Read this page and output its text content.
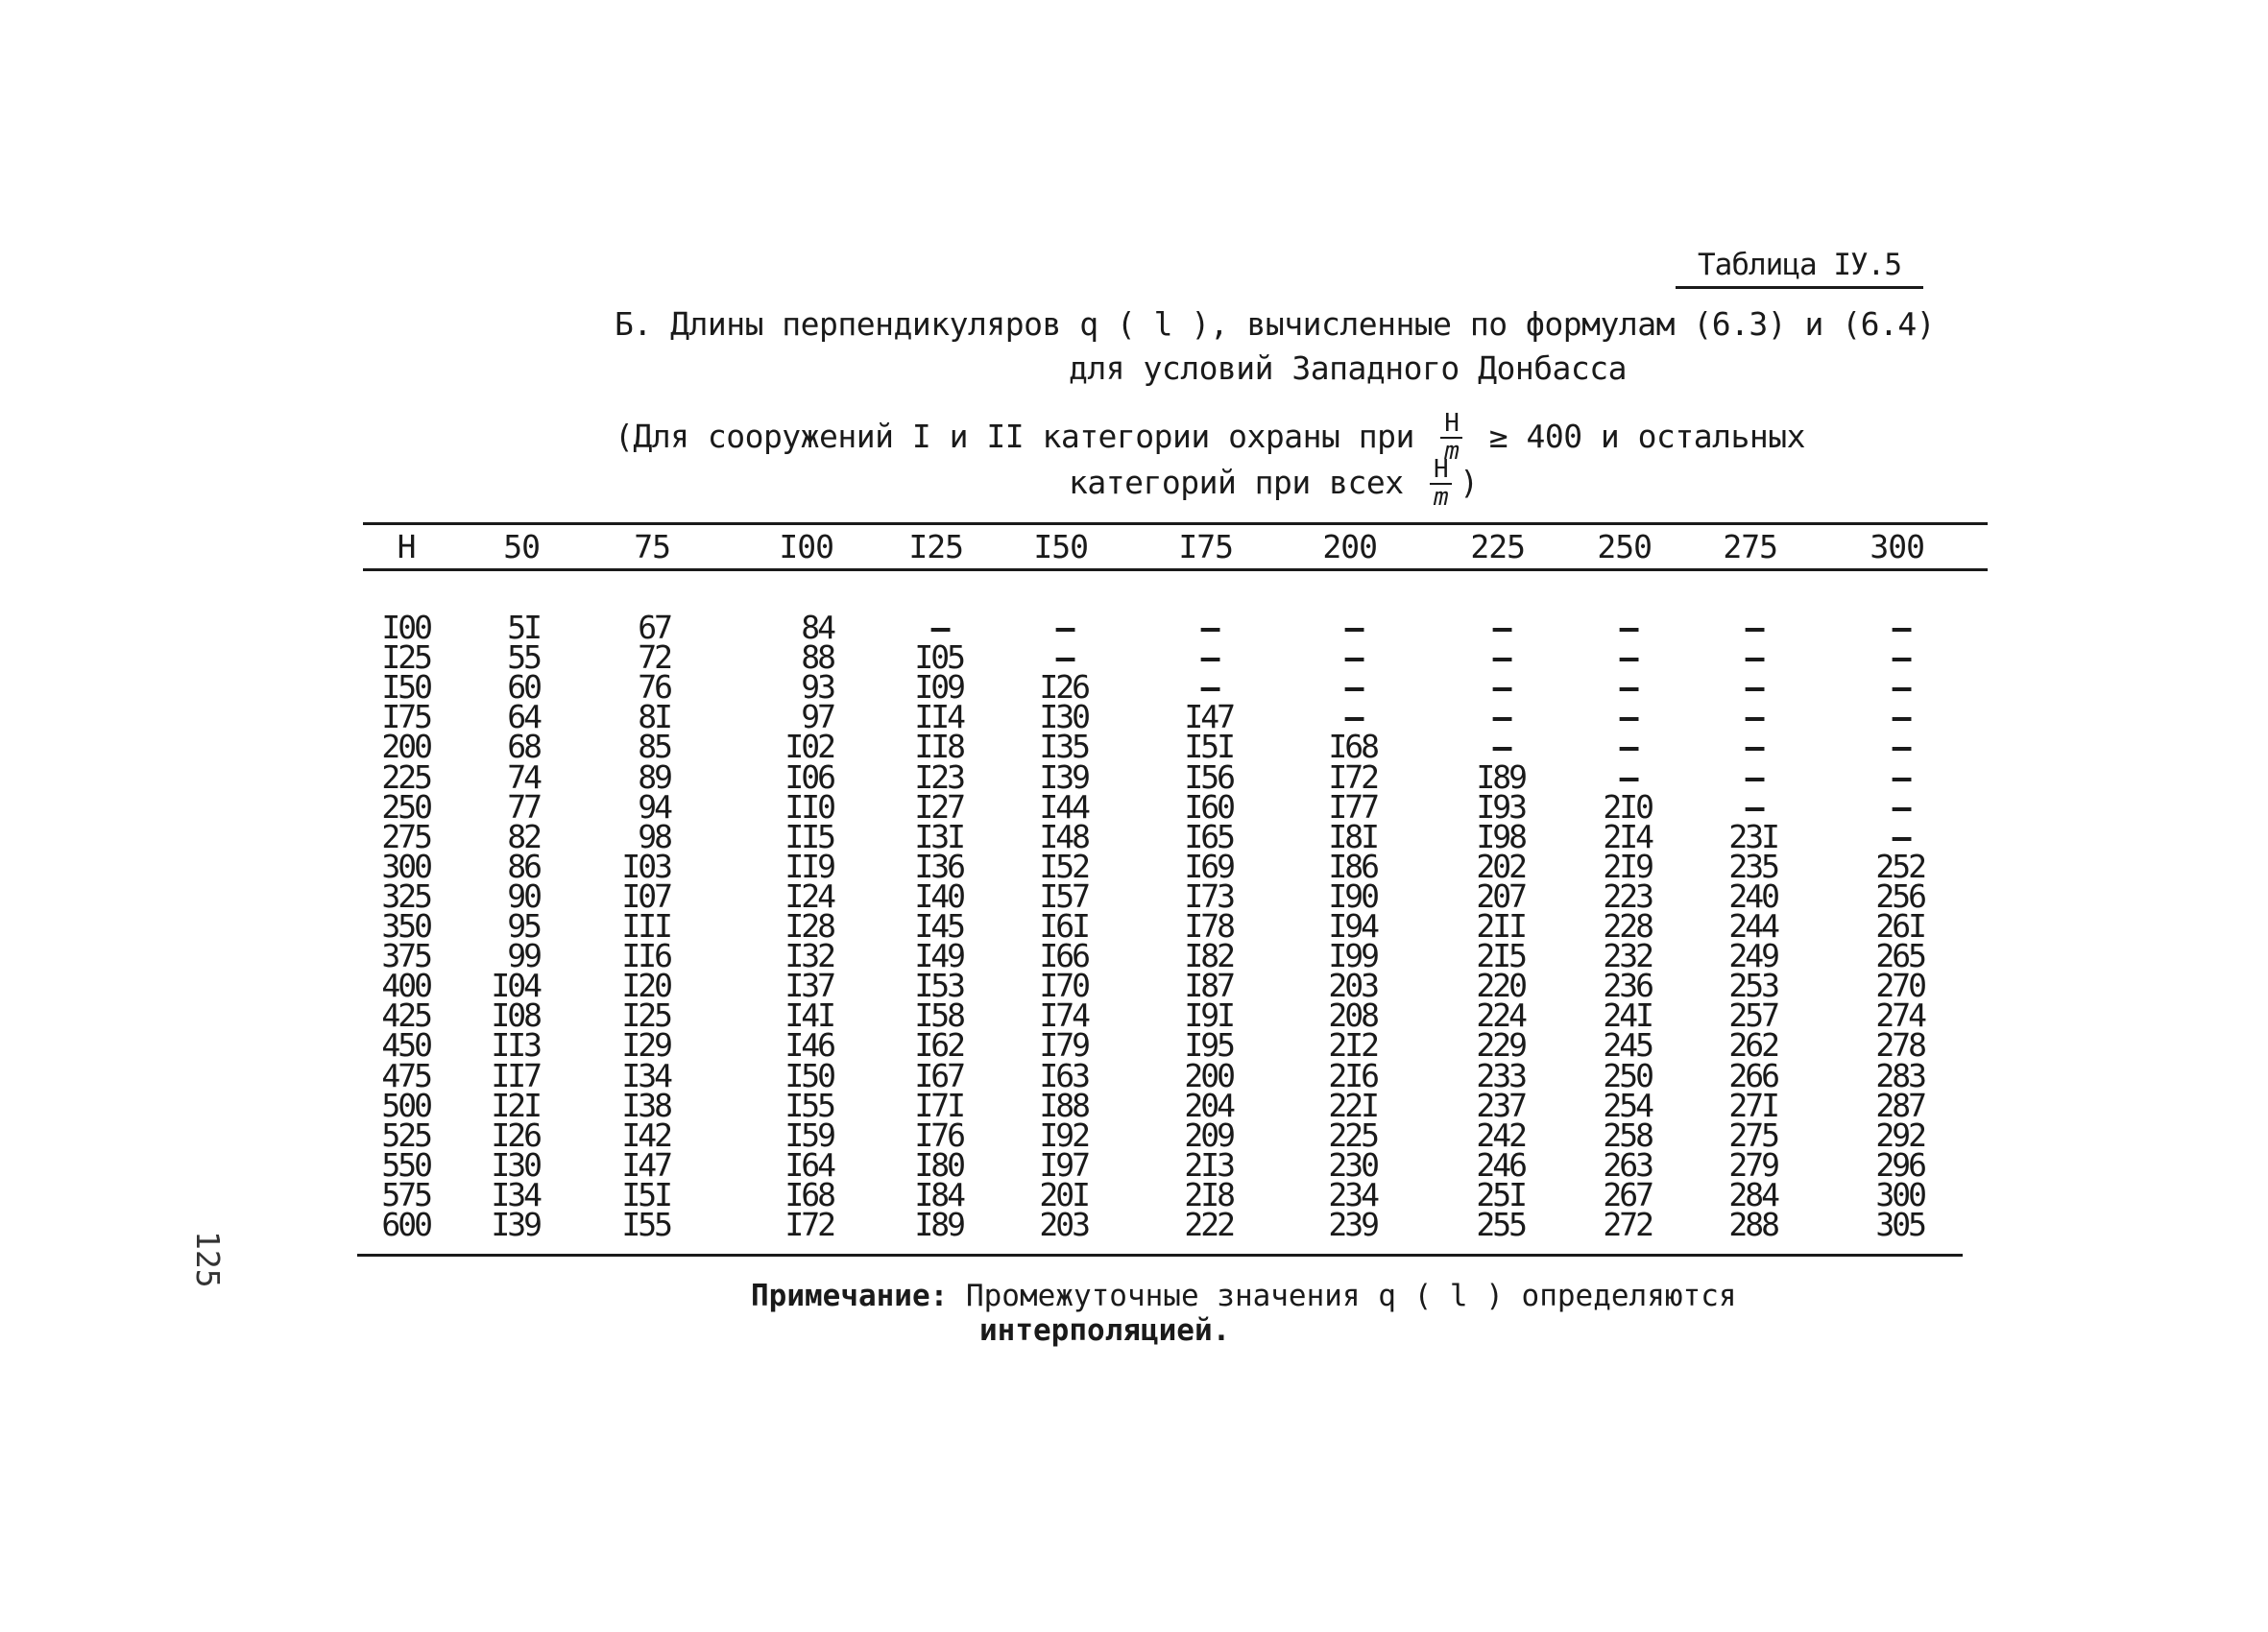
Таблица IУ.5
Б. Длины перпендикуляров q ( l ), вычисленные по формулам (6.3) и (6.4)
для условий Западного Донбасса
(Для сооружений I и II категории охраны при $\frac{H}{m} \ge 400$ и остальных
категорий при всех $\frac{H}{m}$ )
H	50	75	I00	I25	I50	I75	200	225	250	275	300
I00	5I	67	84	–	–	–	–	–	–	–	–
I25	55	72	88	I05	–	–	–	–	–	–	–
I50	60	76	93	I09	I26	–	–	–	–	–	–
I75	64	8I	97	II4	I30	I47	–	–	–	–	–
200	68	85	I02	II8	I35	I5I	I68	–	–	–	–
225	74	89	I06	I23	I39	I56	I72	I89	–	–	–
250	77	94	II0	I27	I44	I60	I77	I93	2I0	–	–
275	82	98	II5	I3I	I48	I65	I8I	I98	2I4	23I	–
300	86	I03	II9	I36	I52	I69	I86	202	2I9	235	252
325	90	I07	I24	I40	I57	I73	I90	207	223	240	256
350	95	III	I28	I45	I6I	I78	I94	2II	228	244	26I
375	99	II6	I32	I49	I66	I82	I99	2I5	232	249	265
400	I04	I20	I37	I53	I70	I87	203	220	236	253	270
425	I08	I25	I4I	I58	I74	I9I	208	224	24I	257	274
450	II3	I29	I46	I62	I79	I95	2I2	229	245	262	278
475	II7	I34	I50	I67	I63	200	2I6	233	250	266	283
500	I2I	I38	I55	I7I	I88	204	22I	237	254	27I	287
525	I26	I42	I59	I76	I92	209	225	242	258	275	292
550	I30	I47	I64	I80	I97	2I3	230	246	263	279	296
575	I34	I5I	I68	I84	20I	2I8	234	25I	267	284	300
600	I39	I55	I72	I89	203	222	239	255	272	288	305
125
Примечание: Промежуточные значения q ( l ) определяются
интерполяцией.
